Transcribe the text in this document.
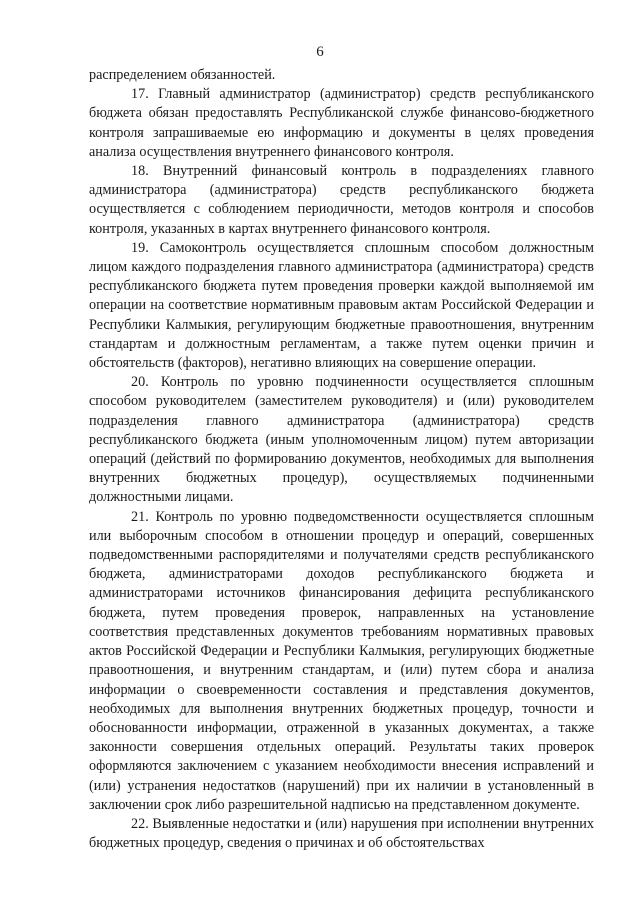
6

распределением обязанностей.

17. Главный администратор (администратор) средств республиканского бюджета обязан предоставлять Республиканской службе финансово-бюджетного контроля запрашиваемые ею информацию и документы в целях проведения анализа осуществления внутреннего финансового контроля.

18. Внутренний финансовый контроль в подразделениях главного администратора (администратора) средств республиканского бюджета осуществляется с соблюдением периодичности, методов контроля и способов контроля, указанных в картах внутреннего финансового контроля.

19. Самоконтроль осуществляется сплошным способом должностным лицом каждого подразделения главного администратора (администратора) средств республиканского бюджета путем проведения проверки каждой выполняемой им операции на соответствие нормативным правовым актам Российской Федерации и Республики Калмыкия, регулирующим бюджетные правоотношения, внутренним стандартам и должностным регламентам, а также путем оценки причин и обстоятельств (факторов), негативно влияющих на совершение операции.

20. Контроль по уровню подчиненности осуществляется сплошным способом руководителем (заместителем руководителя) и (или) руководителем подразделения главного администратора (администратора) средств республиканского бюджета (иным уполномоченным лицом) путем авторизации операций (действий по формированию документов, необходимых для выполнения внутренних бюджетных процедур), осуществляемых подчиненными должностными лицами.

21. Контроль по уровню подведомственности осуществляется сплошным или выборочным способом в отношении процедур и операций, совершенных подведомственными распорядителями и получателями средств республиканского бюджета, администраторами доходов республиканского бюджета и администраторами источников финансирования дефицита республиканского бюджета, путем проведения проверок, направленных на установление соответствия представленных документов требованиям нормативных правовых актов Российской Федерации и Республики Калмыкия, регулирующих бюджетные правоотношения, и внутренним стандартам, и (или) путем сбора и анализа информации о своевременности составления и представления документов, необходимых для выполнения внутренних бюджетных процедур, точности и обоснованности информации, отраженной в указанных документах, а также законности совершения отдельных операций. Результаты таких проверок оформляются заключением с указанием необходимости внесения исправлений и (или) устранения недостатков (нарушений) при их наличии в установленный в заключении срок либо разрешительной надписью на представленном документе.

22. Выявленные недостатки и (или) нарушения при исполнении внутренних бюджетных процедур, сведения о причинах и об обстоятельствах
